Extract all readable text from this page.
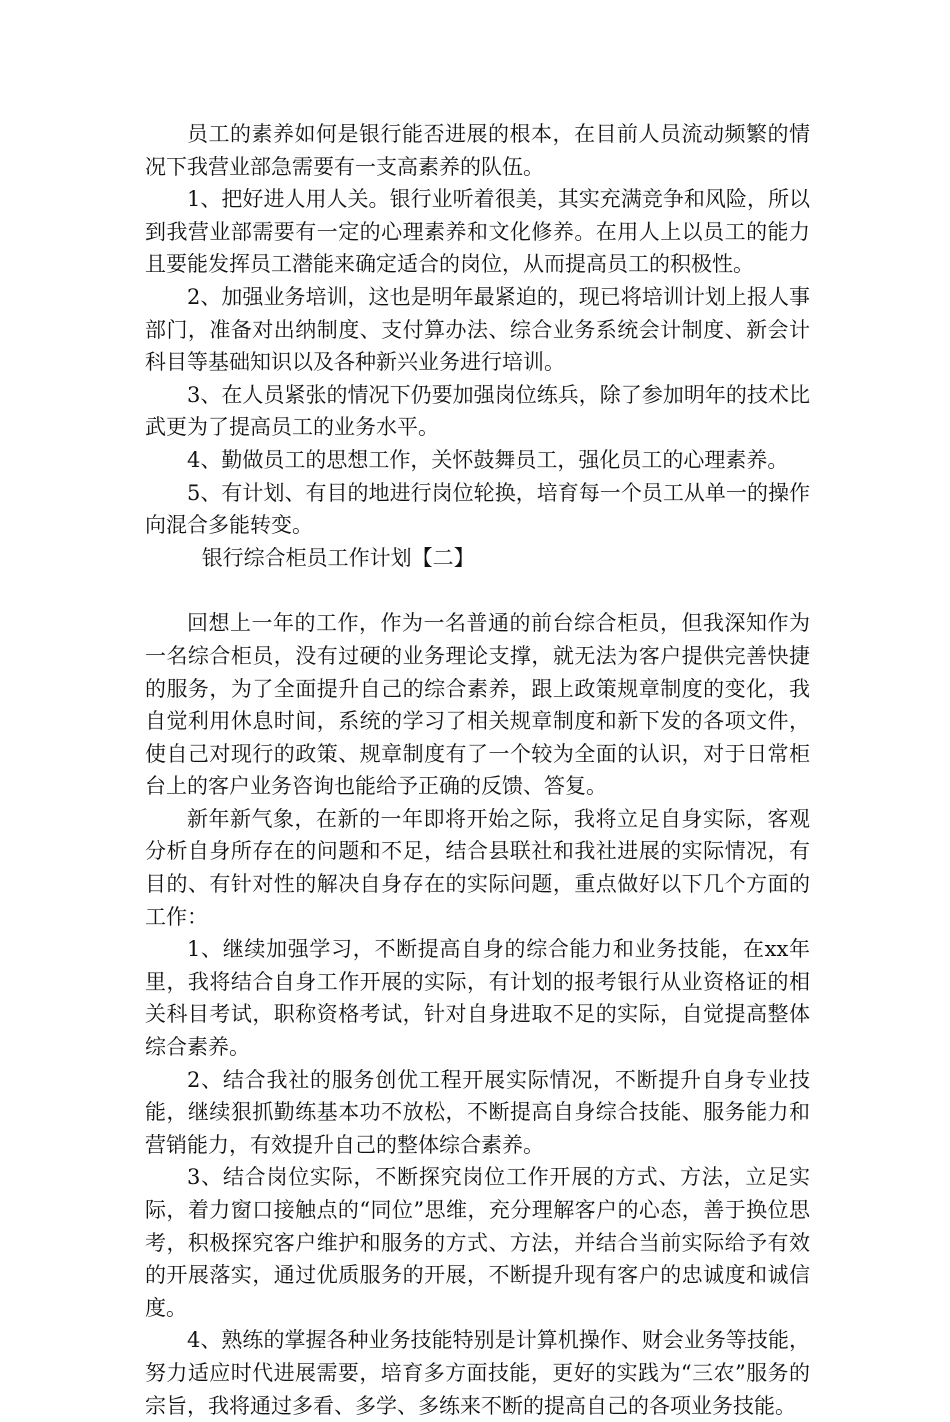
员工的素养如何是银行能否进展的根本，在目前人员流动频繁的情况下我营业部急需要有一支高素养的队伍。

1、把好进人用人关。银行业听着很美，其实充满竞争和风险，所以到我营业部需要有一定的心理素养和文化修养。在用人上以员工的能力且要能发挥员工潜能来确定适合的岗位，从而提高员工的积极性。

2、加强业务培训，这也是明年最紧迫的，现已将培训计划上报人事部门，准备对出纳制度、支付算办法、综合业务系统会计制度、新会计科目等基础知识以及各种新兴业务进行培训。

3、在人员紧张的情况下仍要加强岗位练兵，除了参加明年的技术比武更为了提高员工的业务水平。

4、勤做员工的思想工作，关怀鼓舞员工，强化员工的心理素养。

5、有计划、有目的地进行岗位轮换，培育每一个员工从单一的操作向混合多能转变。

银行综合柜员工作计划【二】

回想上一年的工作，作为一名普通的前台综合柜员，但我深知作为一名综合柜员，没有过硬的业务理论支撑，就无法为客户提供完善快捷的服务，为了全面提升自己的综合素养，跟上政策规章制度的变化，我自觉利用休息时间，系统的学习了相关规章制度和新下发的各项文件，使自己对现行的政策、规章制度有了一个较为全面的认识，对于日常柜台上的客户业务咨询也能给予正确的反馈、答复。

新年新气象，在新的一年即将开始之际，我将立足自身实际，客观分析自身所存在的问题和不足，结合县联社和我社进展的实际情况，有目的、有针对性的解决自身存在的实际问题，重点做好以下几个方面的工作：

1、继续加强学习，不断提高自身的综合能力和业务技能，在xx年里，我将结合自身工作开展的实际，有计划的报考银行从业资格证的相关科目考试，职称资格考试，针对自身进取不足的实际，自觉提高整体综合素养。

2、结合我社的服务创优工程开展实际情况，不断提升自身专业技能，继续狠抓勤练基本功不放松，不断提高自身综合技能、服务能力和营销能力，有效提升自己的整体综合素养。

3、结合岗位实际，不断探究岗位工作开展的方式、方法，立足实际，着力窗口接触点的“同位”思维，充分理解客户的心态，善于换位思考，积极探究客户维护和服务的方式、方法，并结合当前实际给予有效的开展落实，通过优质服务的开展，不断提升现有客户的忠诚度和诚信度。

4、熟练的掌握各种业务技能特别是计算机操作、财会业务等技能，努力适应时代进展需要，培育多方面技能，更好的实践为“三农”服务的宗旨，我将通过多看、多学、多练来不断的提高自己的各项业务技能。
